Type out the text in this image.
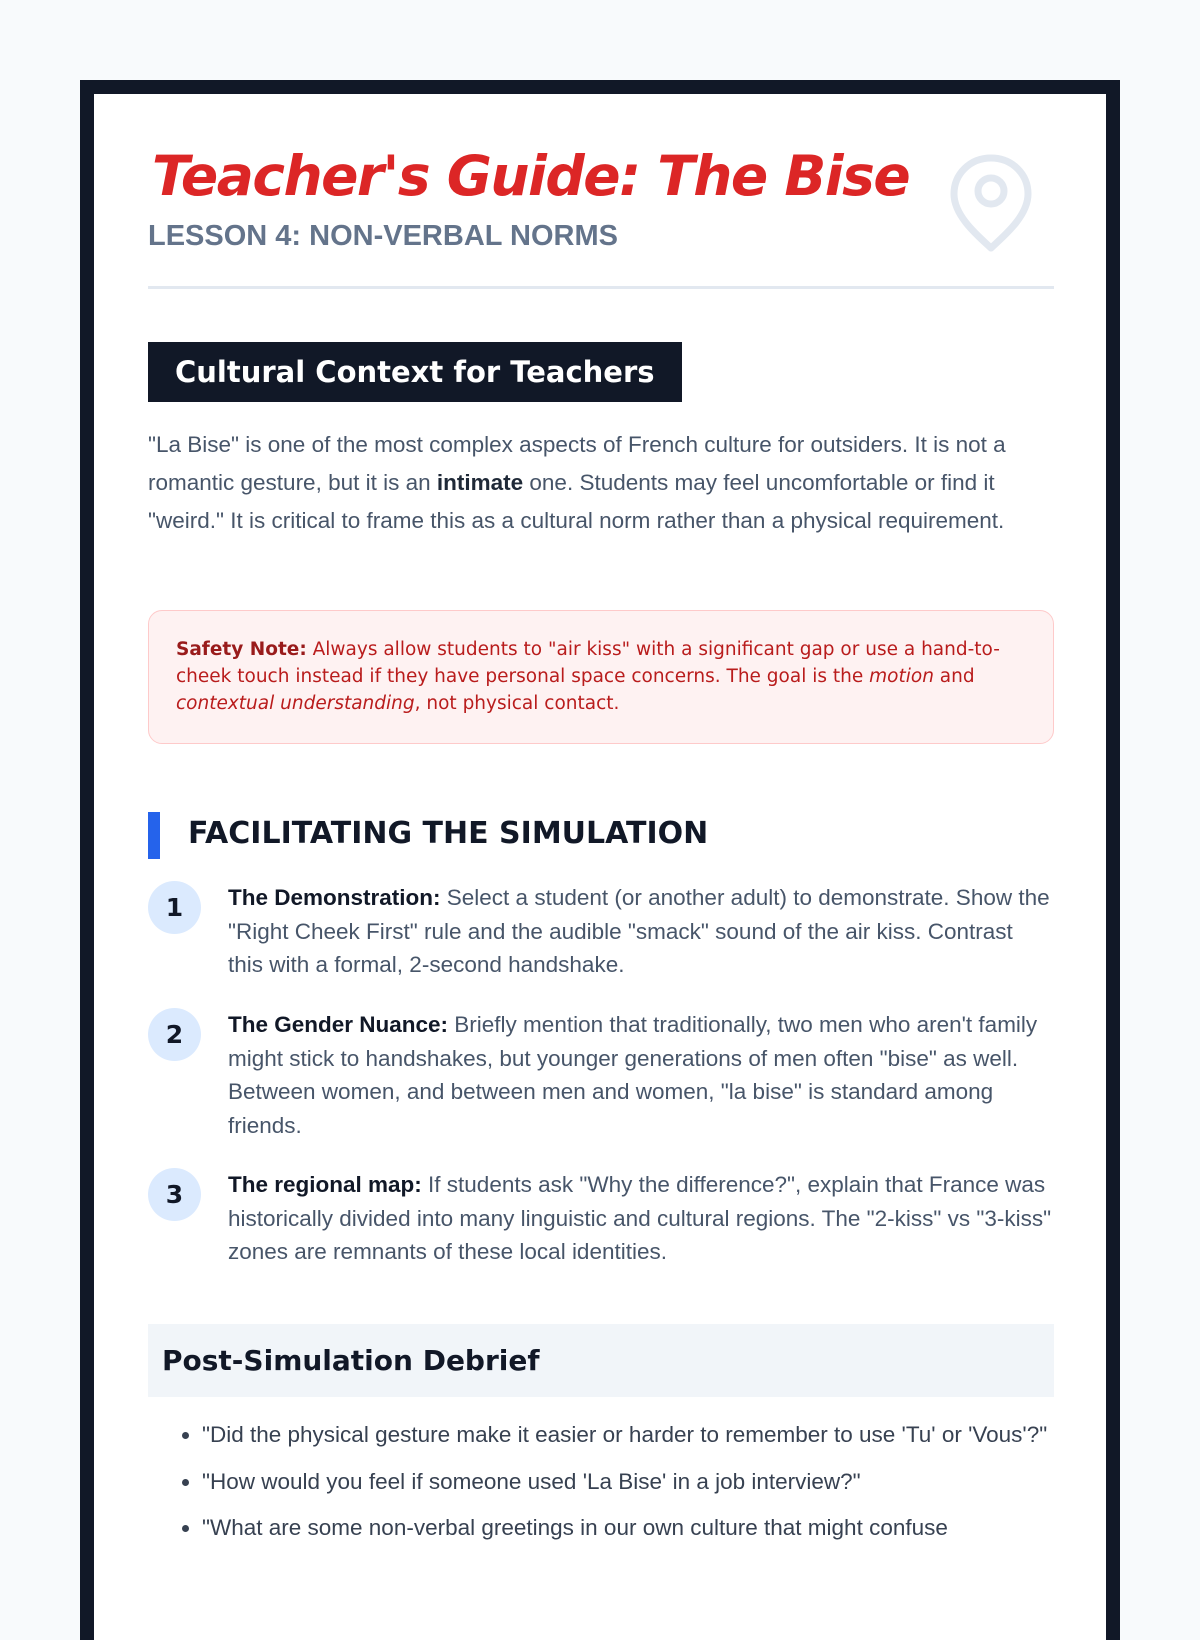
Teacher's Guide: The Bise
LESSON 4: NON-VERBAL NORMS
Cultural Context for Teachers

"La Bise" is one of the most complex aspects of French culture for outsiders. It is not a romantic gesture, but it is an intimate one. Students may feel uncomfortable or find it "weird." It is critical to frame this as a cultural norm rather than a physical requirement.

Safety Note: Always allow students to "air kiss" with a significant gap or use a hand-to-cheek touch instead if they have personal space concerns. The goal is the motion and contextual understanding, not physical contact.
FACILITATING THE SIMULATION
1	The Demonstration: Select a student (or another adult) to demonstrate. Show the "Right Cheek First" rule and the audible "smack" sound of the air kiss. Contrast this with a formal, 2-second handshake.

2	The Gender Nuance: Briefly mention that traditionally, two men who aren't family might stick to handshakes, but younger generations of men often "bise" as well. Between women, and between men and women, "la bise" is standard among friends.

3	The regional map: If students ask "Why the difference?", explain that France was historically divided into many linguistic and cultural regions. The "2-kiss" vs "3-kiss" zones are remnants of these local identities.

Post-Simulation Debrief
• "Did the physical gesture make it easier or harder to remember to use 'Tu' or 'Vous'?"
• "How would you feel if someone used 'La Bise' in a job interview?"
• "What are some non-verbal greetings in our own culture that might confuse
